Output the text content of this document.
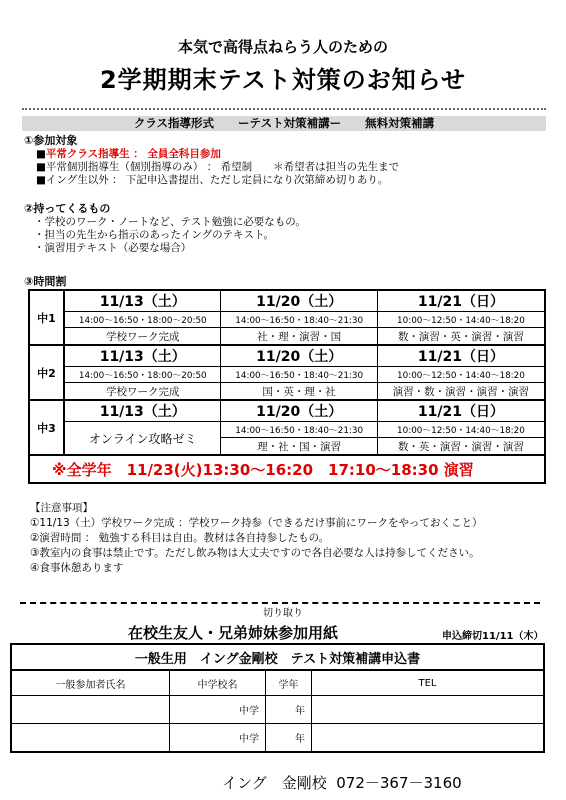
本気で高得点ねらう人のための
2学期期末テスト対策のお知らせ
クラス指導形式 ーテスト対策補講ー 無料対策補講
①参加対象
■平常クラス指導生 ： 全員全科目参加
■平常個別指導生（個別指導のみ） ： 希望制　　＊希望者は担当の先生まで
■イング生以外 ： 下記申込書提出、ただし定員になり次第締め切りあり。
②持ってくるもの
・学校のワーク・ノートなど、テスト勉強に必要なもの。
・担当の先生から指示のあったイングのテキスト。
・演習用テキスト（必要な場合）
③時間割
中1	11/13（土）	11/20（土）	11/21（日）
	14:00～16:50・18:00～20:50	14:00～16:50・18:40～21:30	10:00～12:50・14:40～18:20
	学校ワーク完成	社・理・演習・国	数・演習・英・演習・演習
中2	11/13（土）	11/20（土）	11/21（日）
	14:00～16:50・18:00～20:50	14:00～16:50・18:40～21:30	10:00～12:50・14:40～18:20
	学校ワーク完成	国・英・理・社	演習・数・演習・演習・演習
中3	11/13（土）	11/20（土）	11/21（日）
	オンライン攻略ゼミ	14:00～16:50・18:40～21:30	10:00～12:50・14:40～18:20
		理・社・国・演習	数・英・演習・演習・演習
※全学年　11/23(火)13:30～16:20　17:10～18:30 演習			
【注意事項】
①11/13（土）学校ワーク完成 ：学校ワーク持参（できるだけ事前にワークをやっておくこと）
②演習時間 ： 勉強する科目は自由。教材は各自持参したもの。
③教室内の食事は禁止です。ただし飲み物は大丈夫ですので各自必要な人は持参してください。
④食事休憩あります
切り取り
在校生友人・兄弟姉妹参加用紙	申込締切11/11（木）
一般生用　イング金剛校　テスト対策補講申込書			
一般参加者氏名	中学校名	学年	TEL
	中学	年	
	中学	年	
イング　金剛校 072－367－3160
